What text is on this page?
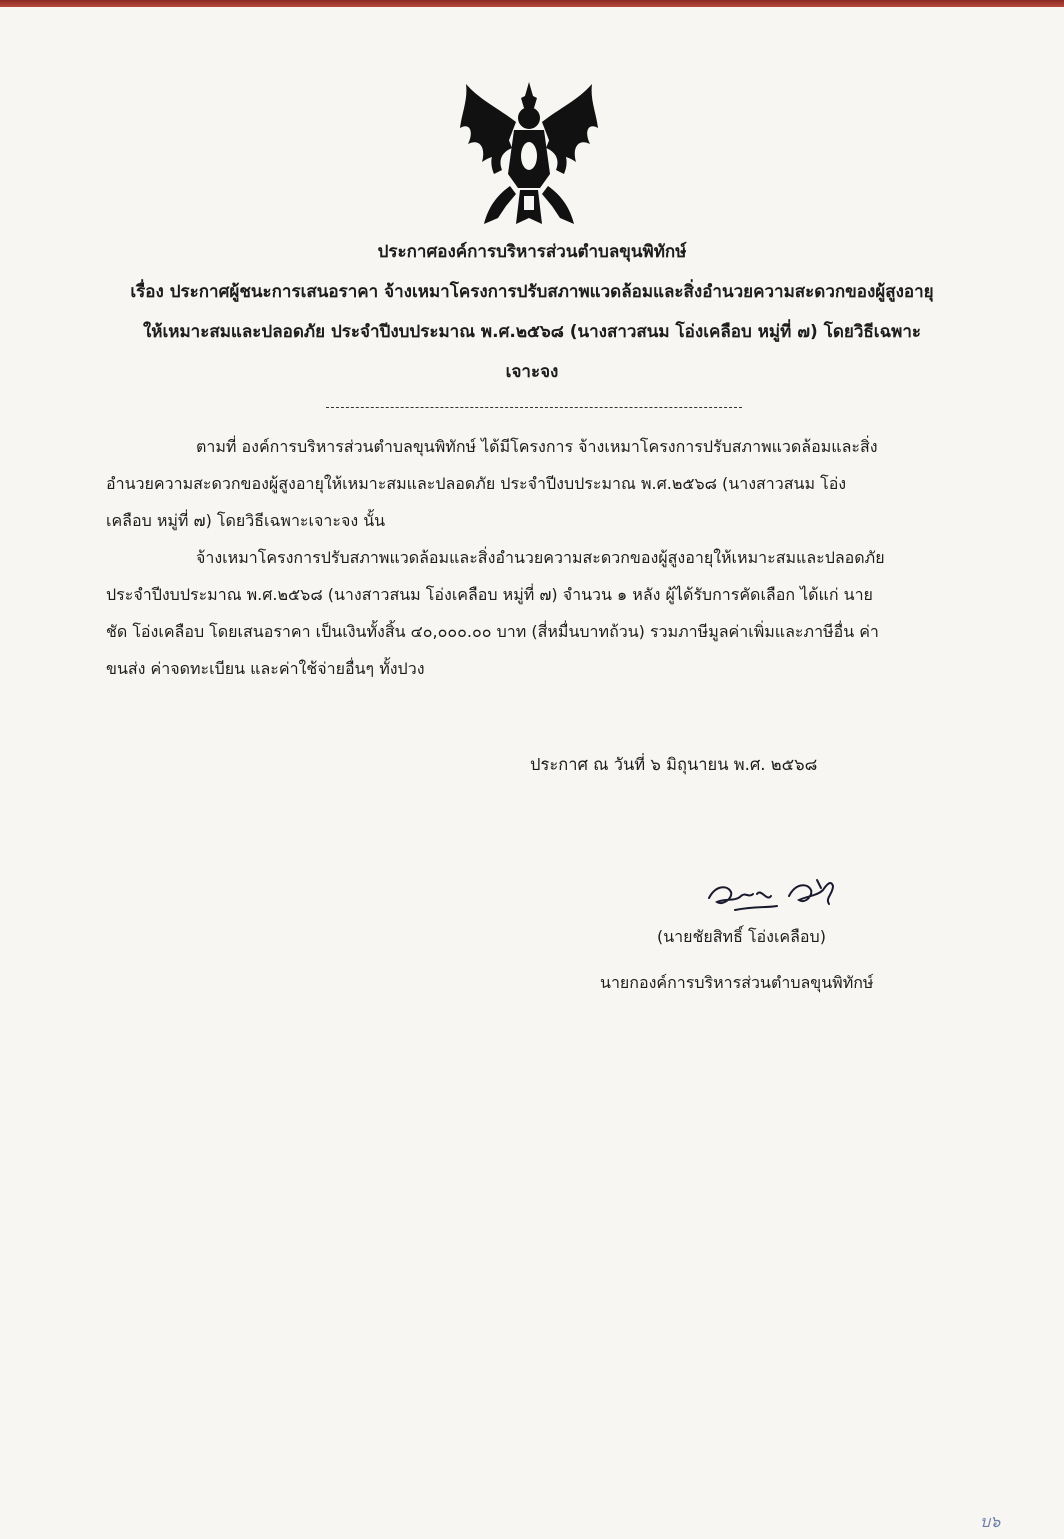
ประกาศองค์การบริหารส่วนตำบลขุนพิทักษ์
เรื่อง ประกาศผู้ชนะการเสนอราคา จ้างเหมาโครงการปรับสภาพแวดล้อมและสิ่งอำนวยความสะดวกของผู้สูงอายุ
ให้เหมาะสมและปลอดภัย ประจำปีงบประมาณ พ.ศ.๒๕๖๘ (นางสาวสนม โอ่งเคลือบ หมู่ที่ ๗) โดยวิธีเฉพาะ
เจาะจง
ตามที่ องค์การบริหารส่วนตำบลขุนพิทักษ์ ได้มีโครงการ จ้างเหมาโครงการปรับสภาพแวดล้อมและสิ่ง
อำนวยความสะดวกของผู้สูงอายุให้เหมาะสมและปลอดภัย ประจำปีงบประมาณ พ.ศ.๒๕๖๘ (นางสาวสนม โอ่ง
เคลือบ หมู่ที่ ๗) โดยวิธีเฉพาะเจาะจง นั้น
จ้างเหมาโครงการปรับสภาพแวดล้อมและสิ่งอำนวยความสะดวกของผู้สูงอายุให้เหมาะสมและปลอดภัย
ประจำปีงบประมาณ พ.ศ.๒๕๖๘ (นางสาวสนม โอ่งเคลือบ หมู่ที่ ๗) จำนวน ๑ หลัง ผู้ได้รับการคัดเลือก ได้แก่ นาย
ชัด โอ่งเคลือบ โดยเสนอราคา เป็นเงินทั้งสิ้น ๔๐,๐๐๐.๐๐ บาท (สี่หมื่นบาทถ้วน) รวมภาษีมูลค่าเพิ่มและภาษีอื่น ค่า
ขนส่ง ค่าจดทะเบียน และค่าใช้จ่ายอื่นๆ ทั้งปวง
ประกาศ ณ วันที่ ๖ มิถุนายน พ.ศ. ๒๕๖๘
(นายชัยสิทธิ์ โอ่งเคลือบ)
นายกองค์การบริหารส่วนตำบลขุนพิทักษ์
บ๖
